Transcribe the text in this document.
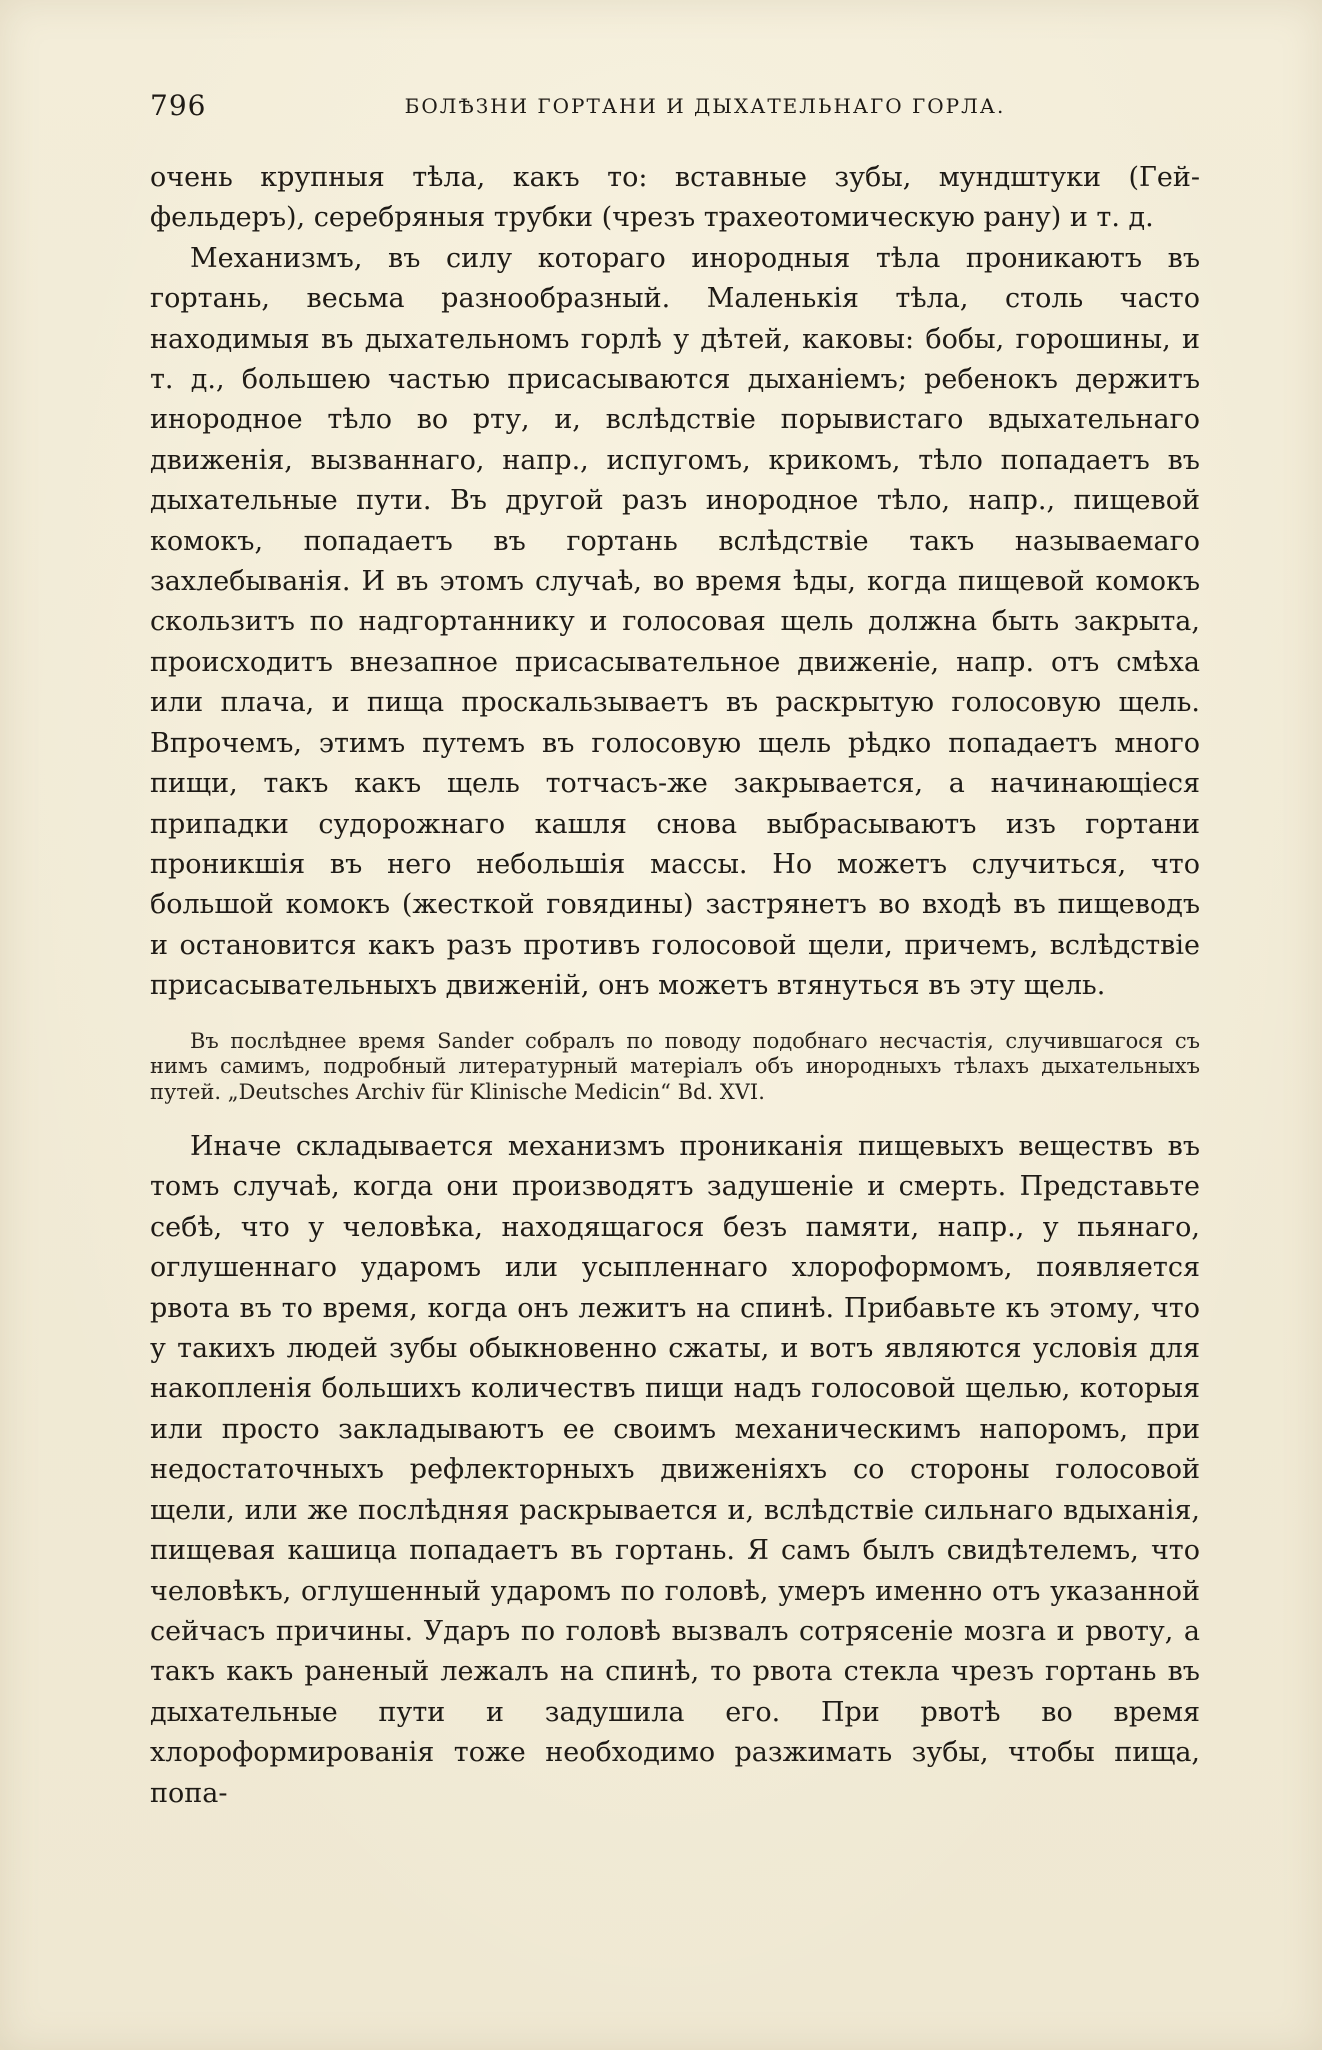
796	БОЛѢЗНИ ГОРТАНИ И ДЫХАТЕЛЬНАГО ГОРЛА.

очень крупныя тѣла, какъ то: вставные зубы, мундштуки (Гей-фельдеръ), серебряныя трубки (чрезъ трахеотомическую рану) и т. д.

Механизмъ, въ силу котораго инородныя тѣла проникаютъ въ гортань, весьма разнообразный. Маленькія тѣла, столь часто находимыя въ дыхательномъ горлѣ у дѣтей, каковы: бобы, горошины, и т. д., большею частью присасываются дыханіемъ; ребенокъ держитъ инородное тѣло во рту, и, вслѣдствіе порывистаго вдыхательнаго движенія, вызваннаго, напр., испугомъ, крикомъ, тѣло попадаетъ въ дыхательные пути. Въ другой разъ инородное тѣло, напр., пищевой комокъ, попадаетъ въ гортань вслѣдствіе такъ называемаго захлебыванія. И въ этомъ случаѣ, во время ѣды, когда пищевой комокъ скользитъ по надгортаннику и голосовая щель должна быть закрыта, происходитъ внезапное присасывательное движеніе, напр. отъ смѣха или плача, и пища проскальзываетъ въ раскрытую голосовую щель. Впрочемъ, этимъ путемъ въ голосовую щель рѣдко попадаетъ много пищи, такъ какъ щель тотчасъ-же закрывается, а начинающіеся припадки судорожнаго кашля снова выбрасываютъ изъ гортани проникшія въ него небольшія массы. Но можетъ случиться, что большой комокъ (жесткой говядины) застрянетъ во входѣ въ пищеводъ и остановится какъ разъ противъ голосовой щели, причемъ, вслѣдствіе присасывательныхъ движеній, онъ можетъ втянуться въ эту щель.

Въ послѣднее время Sander собралъ по поводу подобнаго несчастія, случившагося съ нимъ самимъ, подробный литературный матеріалъ объ инородныхъ тѣлахъ дыхательныхъ путей. „Deutsches Archiv für Klinische Medicin“ Bd. XVI.

Иначе складывается механизмъ прониканія пищевыхъ веществъ въ томъ случаѣ, когда они производятъ задушеніе и смерть. Представьте себѣ, что у человѣка, находящагося безъ памяти, напр., у пьянаго, оглушеннаго ударомъ или усыпленнаго хлороформомъ, появляется рвота въ то время, когда онъ лежитъ на спинѣ. Прибавьте къ этому, что у такихъ людей зубы обыкновенно сжаты, и вотъ являются условія для накопленія большихъ количествъ пищи надъ голосовой щелью, которыя или просто закладываютъ ее своимъ механическимъ напоромъ, при недостаточныхъ рефлекторныхъ движеніяхъ со стороны голосовой щели, или же послѣдняя раскрывается и, вслѣдствіе сильнаго вдыханія, пищевая кашица попадаетъ въ гортань. Я самъ былъ свидѣтелемъ, что человѣкъ, оглушенный ударомъ по головѣ, умеръ именно отъ указанной сейчасъ причины. Ударъ по головѣ вызвалъ сотрясеніе мозга и рвоту, а такъ какъ раненый лежалъ на спинѣ, то рвота стекла чрезъ гортань въ дыхательные пути и задушила его. При рвотѣ во время хлороформированія тоже необходимо разжимать зубы, чтобы пища, попа-
